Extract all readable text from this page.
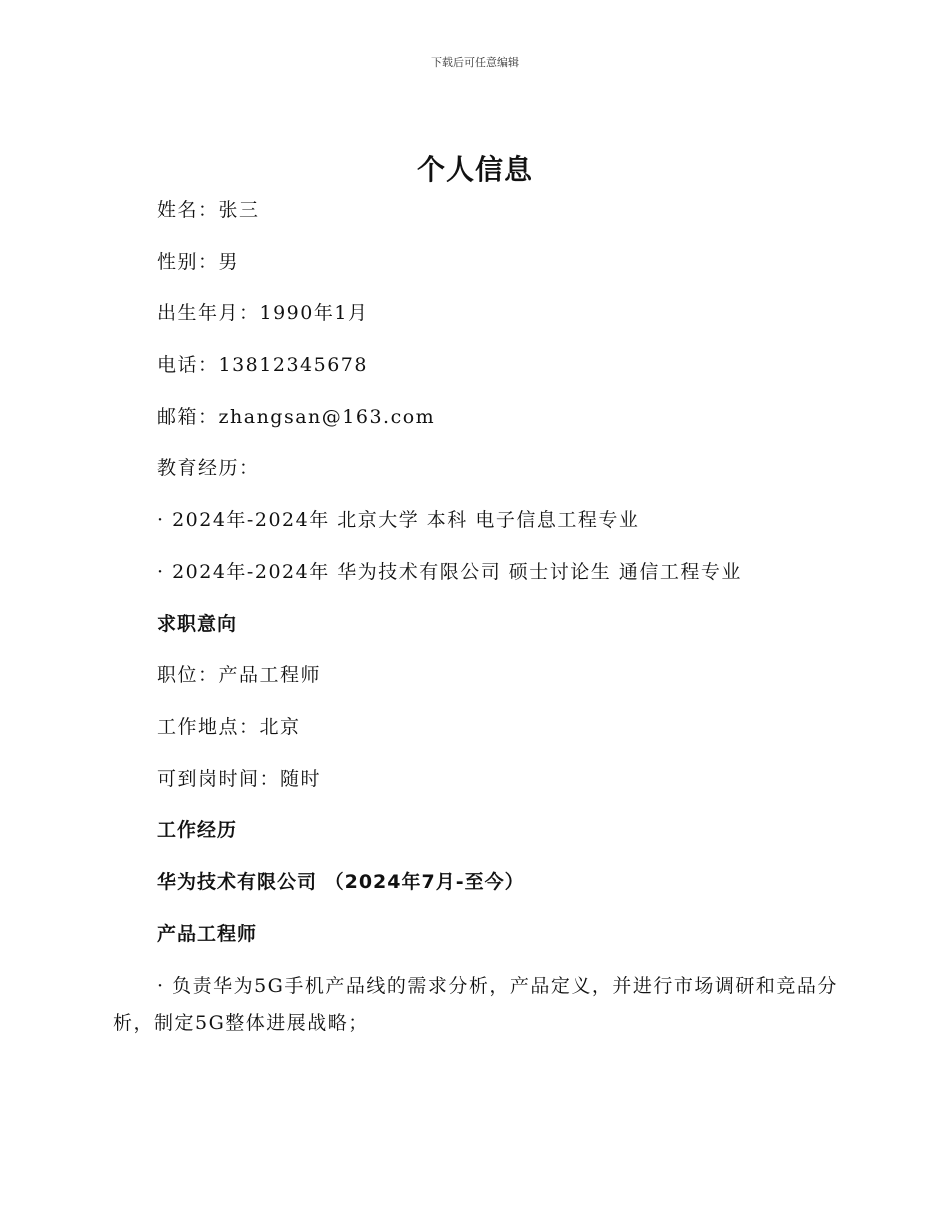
下载后可任意编辑
个人信息
姓名：张三
性别：男
出生年月：1990年1月
电话：13812345678
邮箱：zhangsan@163.com
教育经历：
· 2024年-2024年 北京大学 本科 电子信息工程专业
· 2024年-2024年 华为技术有限公司 硕士讨论生 通信工程专业
求职意向
职位：产品工程师
工作地点：北京
可到岗时间：随时
工作经历
华为技术有限公司 （2024年7月-至今）
产品工程师
· 负责华为5G手机产品线的需求分析，产品定义，并进行市场调研和竞品分析，制定5G整体进展战略；
